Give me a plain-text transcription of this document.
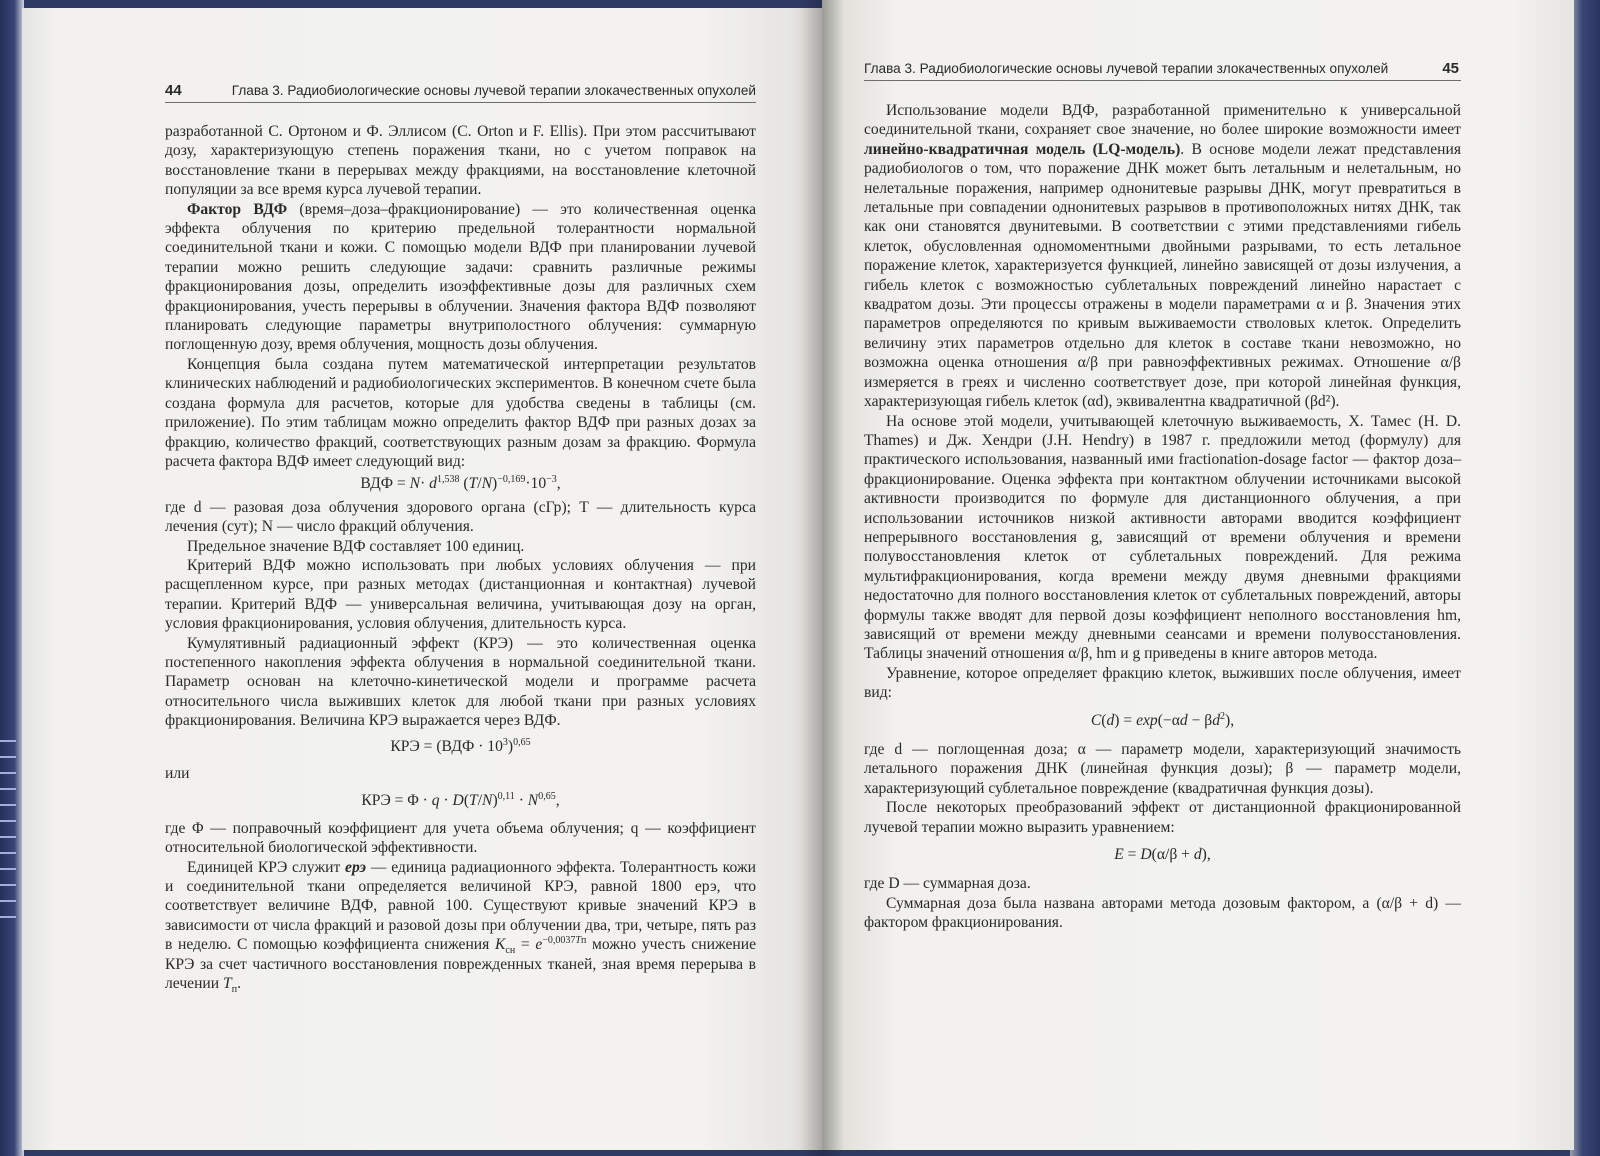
44	Глава 3. Радиобиологические основы лучевой терапии злокачественных опухолей

разработанной С. Ортоном и Ф. Эллисом (C. Orton и F. Ellis). При этом рассчитывают дозу, характеризующую степень поражения ткани, но с учетом поправок на восстановление ткани в перерывах между фракциями, на восстановление клеточной популяции за все время курса лучевой терапии.

Фактор ВДФ (время–доза–фракционирование) — это количественная оценка эффекта облучения по критерию предельной толерантности нормальной соединительной ткани и кожи. С помощью модели ВДФ при планировании лучевой терапии можно решить следующие задачи: сравнить различные режимы фракционирования дозы, определить изоэффективные дозы для различных схем фракционирования, учесть перерывы в облучении. Значения фактора ВДФ позволяют планировать следующие параметры внутриполостного облучения: суммарную поглощенную дозу, время облучения, мощность дозы облучения.

Концепция была создана путем математической интерпретации результатов клинических наблюдений и радиобиологических экспериментов. В конечном счете была создана формула для расчетов, которые для удобства сведены в таблицы (см. приложение). По этим таблицам можно определить фактор ВДФ при разных дозах за фракцию, количество фракций, соответствующих разным дозам за фракцию. Формула расчета фактора ВДФ имеет следующий вид:

ВДФ = $N\cdot d^{1,538}$ $(T/N)^{-0,169}\cdot 10^{-3}$,

где d — разовая доза облучения здорового органа (сГр); T — длительность курса лечения (сут); N — число фракций облучения.

Предельное значение ВДФ составляет 100 единиц.

Критерий ВДФ можно использовать при любых условиях облучения — при расщепленном курсе, при разных методах (дистанционная и контактная) лучевой терапии. Критерий ВДФ — универсальная величина, учитывающая дозу на орган, условия фракционирования, условия облучения, длительность курса.

Кумулятивный радиационный эффект (КРЭ) — это количественная оценка постепенного накопления эффекта облучения в нормальной соединительной ткани. Параметр основан на клеточно-кинетической модели и программе расчета относительного числа выживших клеток для любой ткани при разных условиях фракционирования. Величина КРЭ выражается через ВДФ.

КРЭ = $(ВДФ \cdot 10^3)^{0,65}$

или

КРЭ = $\Phi \cdot q \cdot D(T/N)^{0,11} \cdot N^{0,65}$,

где Φ — поправочный коэффициент для учета объема облучения; q — коэффициент относительной биологической эффективности.

Единицей КРЭ служит ерэ — единица радиационного эффекта. Толерантность кожи и соединительной ткани определяется величиной КРЭ, равной 1800 ерэ, что соответствует величине ВДФ, равной 100. Существуют кривые значений КРЭ в зависимости от числа фракций и разовой дозы при облучении два, три, четыре, пять раз в неделю. С помощью коэффициента снижения $K_{сн} = e^{-0,0037Tп}$ можно учесть снижение КРЭ за счет частичного восстановления поврежденных тканей, зная время перерыва в лечении $T_п$.

Глава 3. Радиобиологические основы лучевой терапии злокачественных опухолей	45

Использование модели ВДФ, разработанной применительно к универсальной соединительной ткани, сохраняет свое значение, но более широкие возможности имеет линейно-квадратичная модель (LQ-модель). В основе модели лежат представления радиобиологов о том, что поражение ДНК может быть летальным и нелетальным, но нелетальные поражения, например однонитевые разрывы ДНК, могут превратиться в летальные при совпадении однонитевых разрывов в противоположных нитях ДНК, так как они становятся двунитевыми. В соответствии с этими представлениями гибель клеток, обусловленная одномоментными двойными разрывами, то есть летальное поражение клеток, характеризуется функцией, линейно зависящей от дозы излучения, а гибель клеток с возможностью сублетальных повреждений линейно нарастает с квадратом дозы. Эти процессы отражены в модели параметрами α и β. Значения этих параметров определяются по кривым выживаемости стволовых клеток. Определить величину этих параметров отдельно для клеток в составе ткани невозможно, но возможна оценка отношения α/β при равноэффективных режимах. Отношение α/β измеряется в греях и численно соответствует дозе, при которой линейная функция, характеризующая гибель клеток (αd), эквивалентна квадратичной (βd²).

На основе этой модели, учитывающей клеточную выживаемость, Х. Тамес (H. D. Thames) и Дж. Хендри (J.H. Hendry) в 1987 г. предложили метод (формулу) для практического использования, названный ими fractionation-dosage factor — фактор доза–фракционирование. Оценка эффекта при контактном облучении источниками высокой активности производится по формуле для дистанционного облучения, а при использовании источников низкой активности авторами вводится коэффициент непрерывного восстановления g, зависящий от времени облучения и времени полувосстановления клеток от сублетальных повреждений. Для режима мультифракционирования, когда времени между двумя дневными фракциями недостаточно для полного восстановления клеток от сублетальных повреждений, авторы формулы также вводят для первой дозы коэффициент неполного восстановления hm, зависящий от времени между дневными сеансами и времени полувосстановления. Таблицы значений отношения α/β, hm и g приведены в книге авторов метода.

Уравнение, которое определяет фракцию клеток, выживших после облучения, имеет вид:

$C(d) = \exp(-\alpha d - \beta d^2)$,

где d — поглощенная доза; α — параметр модели, характеризующий значимость летального поражения ДНК (линейная функция дозы); β — параметр модели, характеризующий сублетальное повреждение (квадратичная функция дозы).

После некоторых преобразований эффект от дистанционной фракционированной лучевой терапии можно выразить уравнением:

E = D(α/β + d),

где D — суммарная доза.

Суммарная доза была названа авторами метода дозовым фактором, а (α/β + d) — фактором фракционирования.
